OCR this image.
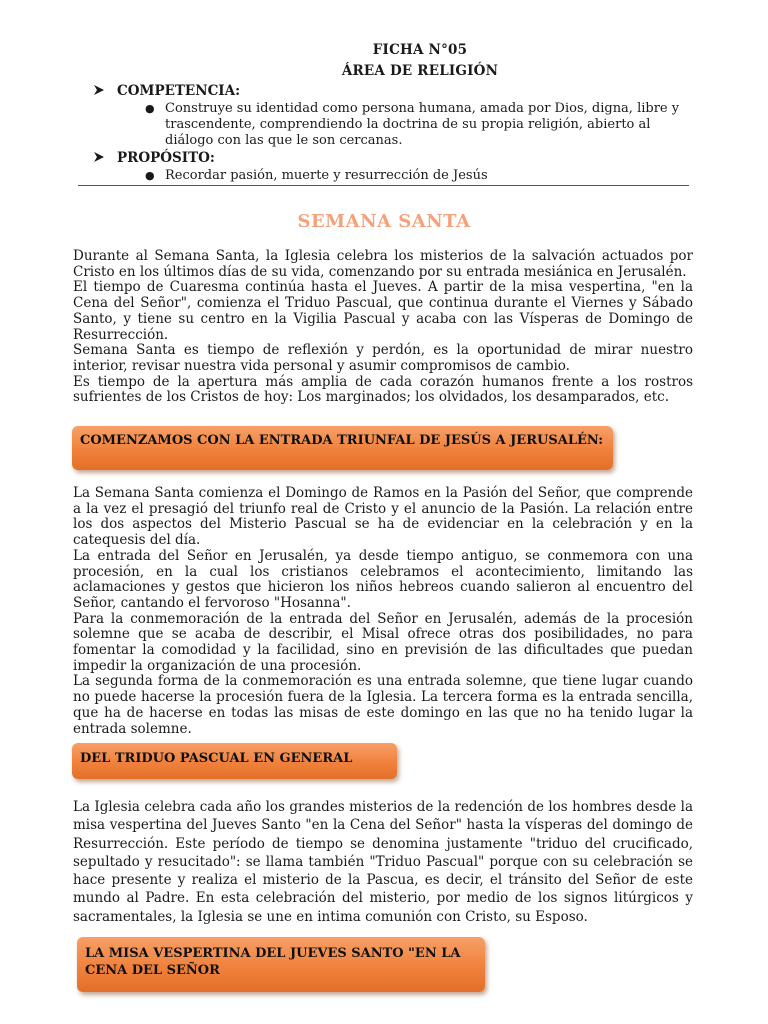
FICHA N°05
ÁREA DE RELIGIÓN
COMPETENCIA:
● Construye su identidad como persona humana, amada por Dios, digna, libre y trascendente, comprendiendo la doctrina de su propia religión, abierto al diálogo con las que le son cercanas.
PROPÓSITO:
● Recordar pasión, muerte y resurrección de Jesús
SEMANA SANTA

Durante al Semana Santa, la Iglesia celebra los misterios de la salvación actuados por Cristo en los últimos días de su vida, comenzando por su entrada mesiánica en Jerusalén.

El tiempo de Cuaresma continúa hasta el Jueves. A partir de la misa vespertina, "en la Cena del Señor", comienza el Triduo Pascual, que continua durante el Viernes y Sábado Santo, y tiene su centro en la Vigilia Pascual y acaba con las Vísperas de Domingo de Resurrección.

Semana Santa es tiempo de reflexión y perdón, es la oportunidad de mirar nuestro interior, revisar nuestra vida personal y asumir compromisos de cambio.

Es tiempo de la apertura más amplia de cada corazón humanos frente a los rostros sufrientes de los Cristos de hoy: Los marginados; los olvidados, los desamparados, etc.

COMENZAMOS CON LA ENTRADA TRIUNFAL DE JESÚS A JERUSALÉN:

La Semana Santa comienza el Domingo de Ramos en la Pasión del Señor, que comprende a la vez el presagió del triunfo real de Cristo y el anuncio de la Pasión. La relación entre los dos aspectos del Misterio Pascual se ha de evidenciar en la celebración y en la catequesis del día.

La entrada del Señor en Jerusalén, ya desde tiempo antiguo, se conmemora con una procesión, en la cual los cristianos celebramos el acontecimiento, limitando las aclamaciones y gestos que hicieron los niños hebreos cuando salieron al encuentro del Señor, cantando el fervoroso "Hosanna".

Para la conmemoración de la entrada del Señor en Jerusalén, además de la procesión solemne que se acaba de describir, el Misal ofrece otras dos posibilidades, no para fomentar la comodidad y la facilidad, sino en previsión de las dificultades que puedan impedir la organización de una procesión.

La segunda forma de la conmemoración es una entrada solemne, que tiene lugar cuando no puede hacerse la procesión fuera de la Iglesia. La tercera forma es la entrada sencilla, que ha de hacerse en todas las misas de este domingo en las que no ha tenido lugar la entrada solemne.

DEL TRIDUO PASCUAL EN GENERAL

La Iglesia celebra cada año los grandes misterios de la redención de los hombres desde la misa vespertina del Jueves Santo "en la Cena del Señor" hasta la vísperas del domingo de Resurrección. Este período de tiempo se denomina justamente "triduo del crucificado, sepultado y resucitado": se llama también "Triduo Pascual" porque con su celebración se hace presente y realiza el misterio de la Pascua, es decir, el tránsito del Señor de este mundo al Padre. En esta celebración del misterio, por medio de los signos litúrgicos y sacramentales, la Iglesia se une en intima comunión con Cristo, su Esposo.

LA MISA VESPERTINA DEL JUEVES SANTO "EN LA CENA DEL SEÑOR
